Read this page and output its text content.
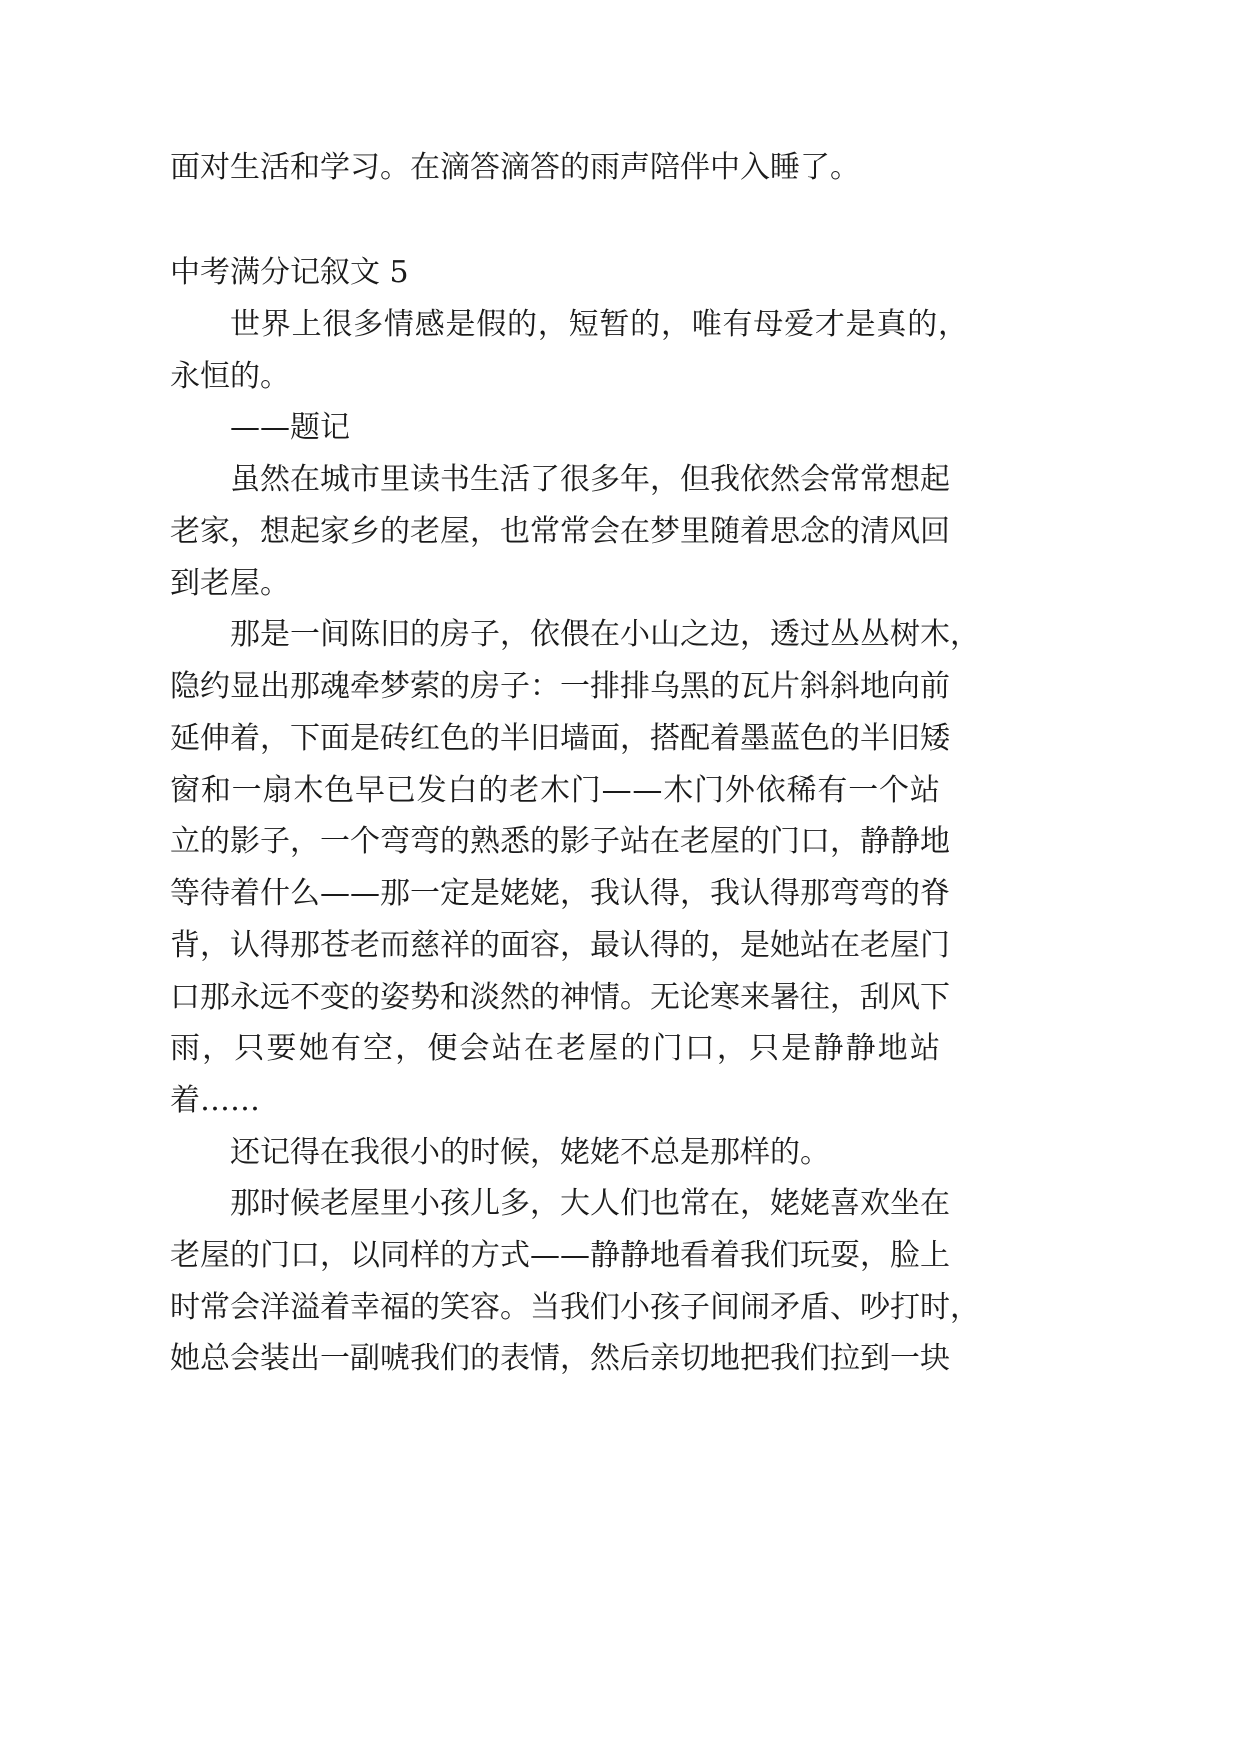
面对生活和学习。在滴答滴答的雨声陪伴中入睡了。
中考满分记叙文 5
世 界 上 很 多 情 感 是 假 的 ， 短 暂 的 ， 唯 有 母 爱 才 是 真 的 ，
永恒的。
——题记
虽 然 在 城 市 里 读 书 生 活 了 很 多 年 ， 但 我 依 然 会 常 常 想 起
老 家 ， 想 起 家 乡 的 老 屋 ， 也 常 常 会 在 梦 里 随 着 思 念 的 清 风 回
到老屋。
那 是 一 间 陈 旧 的 房 子 ， 依 偎 在 小 山 之 边 ， 透 过 丛 丛 树 木 ，
隐 约 显 出 那 魂 牵 梦 萦 的 房 子 ： 一 排 排 乌 黑 的 瓦 片 斜 斜 地 向 前
延 伸 着 ， 下 面 是 砖 红 色 的 半 旧 墙 面 ， 搭 配 着 墨 蓝 色 的 半 旧 矮
窗 和 一 扇 木 色 早 已 发 白 的 老 木 门 — — 木 门 外 依 稀 有 一 个 站
立 的 影 子 ， 一 个 弯 弯 的 熟 悉 的 影 子 站 在 老 屋 的 门 口 ， 静 静 地
等 待 着 什 么 — — 那 一 定 是 姥 姥 ， 我 认 得 ， 我 认 得 那 弯 弯 的 脊
背 ， 认 得 那 苍 老 而 慈 祥 的 面 容 ， 最 认 得 的 ， 是 她 站 在 老 屋 门
口 那 永 远 不 变 的 姿 势 和 淡 然 的 神 情 。 无 论 寒 来 暑 往 ， 刮 风 下
雨 ， 只 要 她 有 空 ， 便 会 站 在 老 屋 的 门 口 ， 只 是 静 静 地 站
着……
还记得在我很小的时候，姥姥不总是那样的。
那 时 候 老 屋 里 小 孩 儿 多 ， 大 人 们 也 常 在 ， 姥 姥 喜 欢 坐 在
老 屋 的 门 口 ， 以 同 样 的 方 式 — — 静 静 地 看 着 我 们 玩 耍 ， 脸 上
时 常 会 洋 溢 着 幸 福 的 笑 容 。 当 我 们 小 孩 子 间 闹 矛 盾 、 吵 打 时 ，
她 总 会 装 出 一 副 唬 我 们 的 表 情 ， 然 后 亲 切 地 把 我 们 拉 到 一 块
